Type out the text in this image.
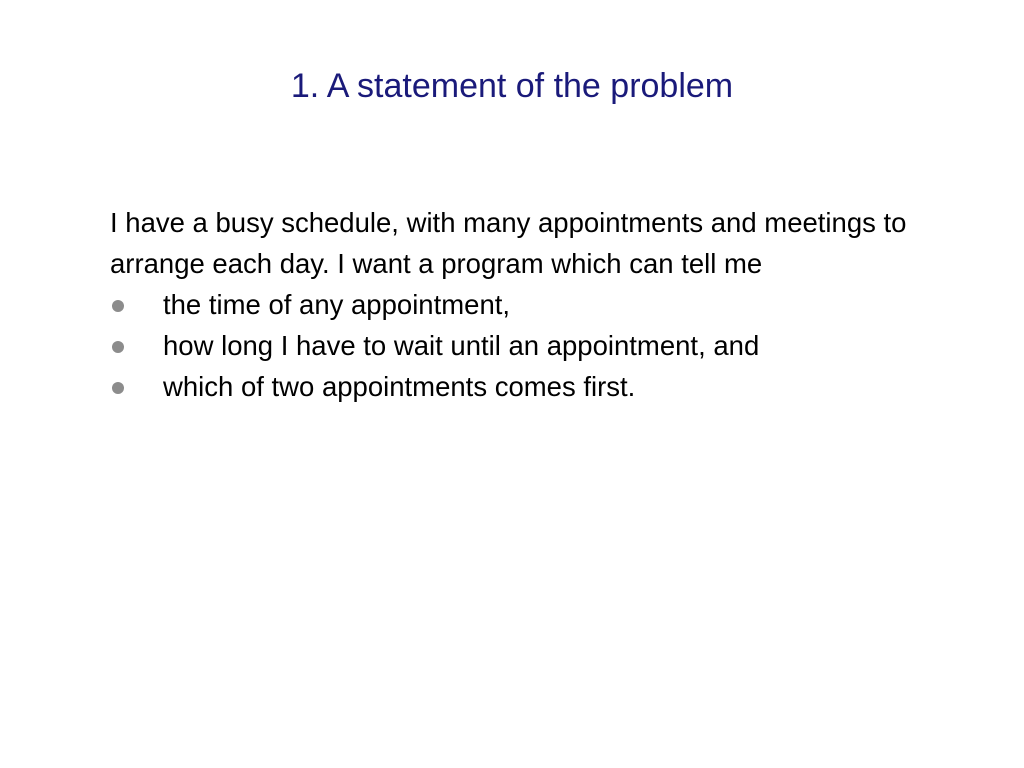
1. A statement of the problem

I have a busy schedule, with many appointments and meetings to arrange each day. I want a program which can tell me

the time of any appointment,
how long I have to wait until an appointment, and
which of two appointments comes first.
